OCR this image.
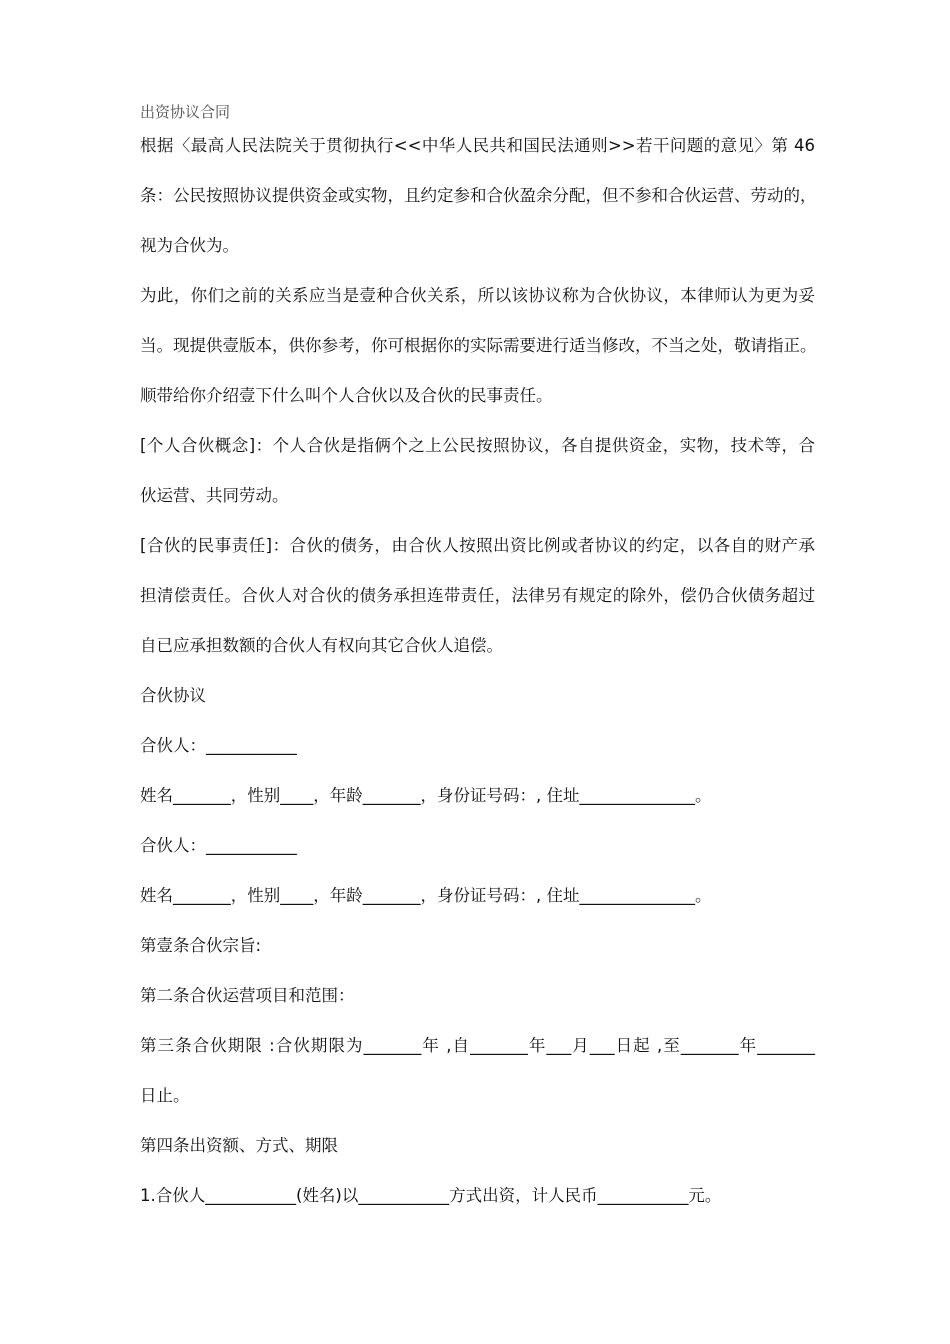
出资协议合同
根据〈最高人民法院关于贯彻执行<<中华人民共和国民法通则>>若干问题的意见〉第 46
条：公民按照协议提供资金或实物，且约定参和合伙盈余分配，但不参和合伙运营、劳动的，
视为合伙为。
为此，你们之前的关系应当是壹种合伙关系，所以该协议称为合伙协议，本律师认为更为妥
当。现提供壹版本，供你参考，你可根据你的实际需要进行适当修改，不当之处，敬请指正。
顺带给你介绍壹下什么叫个人合伙以及合伙的民事责任。
[个人合伙概念]：个人合伙是指俩个之上公民按照协议，各自提供资金，实物，技术等，合
伙运营、共同劳动。
[合伙的民事责任]：合伙的债务，由合伙人按照出资比例或者协议的约定，以各自的财产承
担清偿责任。合伙人对合伙的债务承担连带责任，法律另有规定的除外，偿仍合伙债务超过
自已应承担数额的合伙人有权向其它合伙人追偿。
合伙协议
合伙人：___________
姓名_______，性别____，年龄_______，身份证号码：, 住址______________。
合伙人：___________
姓名_______，性别____，年龄_______，身份证号码：, 住址______________。
第壹条合伙宗旨:
第二条合伙运营项目和范围：
第三条合伙期限 :合伙期限为_______年 ,自_______年___月___日起 ,至_______年_______
日止。
第四条出资额、方式、期限
1.合伙人___________(姓名)以___________方式出资，计人民币___________元。
